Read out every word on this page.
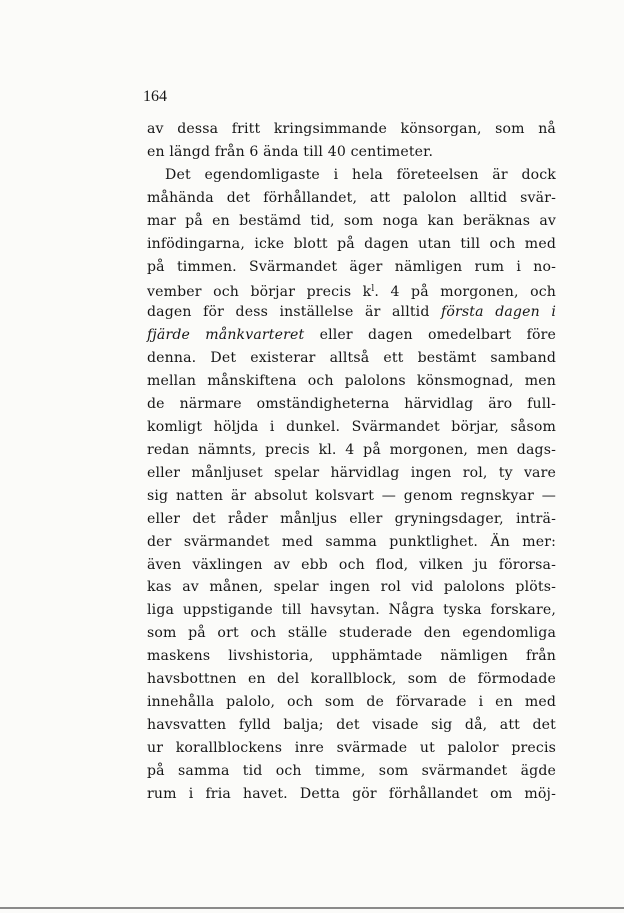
164
av dessa fritt kringsimmande könsorgan, som nå
en längd från 6 ända till 40 centimeter.
Det egendomligaste i hela företeelsen är dock
måhända det förhållandet, att palolon alltid svär-
mar på en bestämd tid, som noga kan beräknas av
infödingarna, icke blott på dagen utan till och med
på timmen. Svärmandet äger nämligen rum i no-
vember och börjar precis $k^l$. 4 på morgonen, och
dagen för dess inställelse är alltid första dagen i
fjärde månkvarteret eller dagen omedelbart före
denna. Det existerar alltså ett bestämt samband
mellan månskiftena och palolons könsmognad, men
de närmare omständigheterna härvidlag äro full-
komligt höljda i dunkel. Svärmandet börjar, såsom
redan nämnts, precis kl. 4 på morgonen, men dags-
eller månljuset spelar härvidlag ingen rol, ty vare
sig natten är absolut kolsvart — genom regnskyar —
eller det råder månljus eller gryningsdager, inträ-
der svärmandet med samma punktlighet. Än mer:
även växlingen av ebb och flod, vilken ju förorsa-
kas av månen, spelar ingen rol vid palolons plöts-
liga uppstigande till havsytan. Några tyska forskare,
som på ort och ställe studerade den egendomliga
maskens livshistoria, upphämtade nämligen från
havsbottnen en del korallblock, som de förmodade
innehålla palolo, och som de förvarade i en med
havsvatten fylld balja; det visade sig då, att det
ur korallblockens inre svärmade ut palolor precis
på samma tid och timme, som svärmandet ägde
rum i fria havet. Detta gör förhållandet om möj-
